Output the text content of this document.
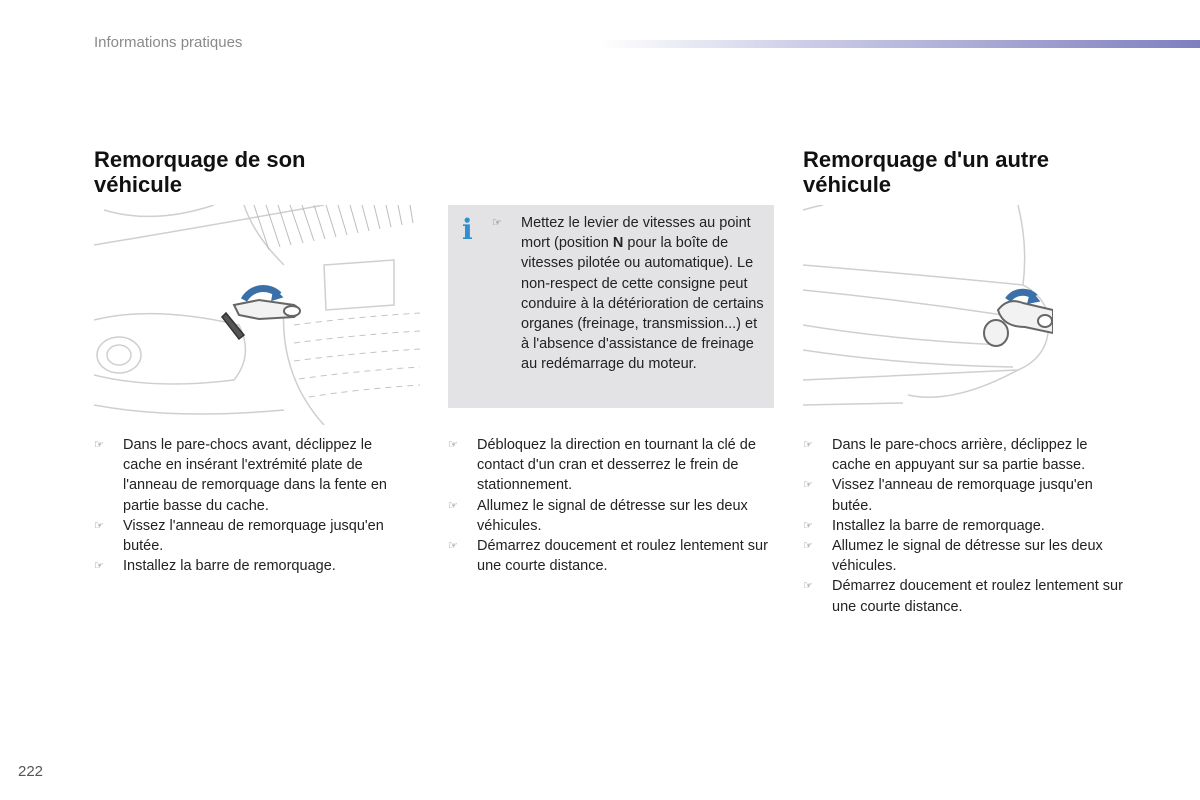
Informations pratiques
Remorquage de son
véhicule
Remorquage d'un autre
véhicule
i ☞ Mettez le levier de vitesses au point mort (position N pour la boîte de vitesses pilotée ou automatique). Le non-respect de cette consigne peut conduire à la détérioration de certains organes (freinage, transmission...) et à l'absence d'assistance de freinage au redémarrage du moteur.
☞ Dans le pare-chocs avant, déclippez le cache en insérant l'extrémité plate de l'anneau de remorquage dans la fente en partie basse du cache.
☞ Vissez l'anneau de remorquage jusqu'en butée.
☞ Installez la barre de remorquage.
☞ Débloquez la direction en tournant la clé de contact d'un cran et desserrez le frein de stationnement.
☞ Allumez le signal de détresse sur les deux véhicules.
☞ Démarrez doucement et roulez lentement sur une courte distance.
☞ Dans le pare-chocs arrière, déclippez le cache en appuyant sur sa partie basse.
☞ Vissez l'anneau de remorquage jusqu'en butée.
☞ Installez la barre de remorquage.
☞ Allumez le signal de détresse sur les deux véhicules.
☞ Démarrez doucement et roulez lentement sur une courte distance.
222
